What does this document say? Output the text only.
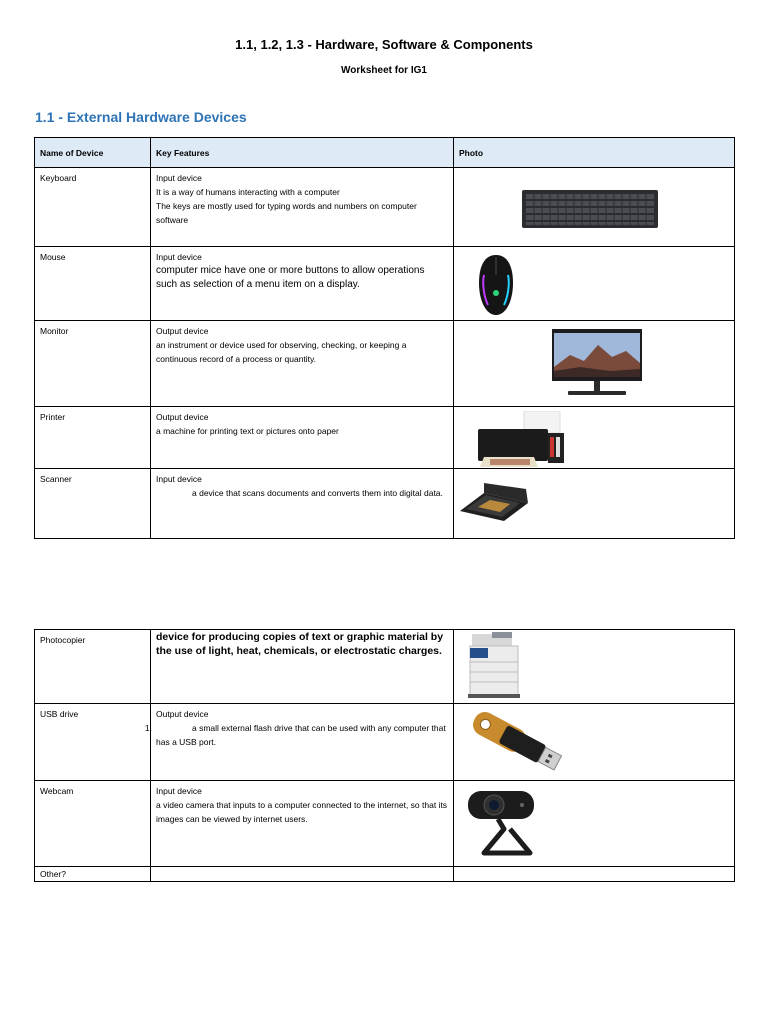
1.1, 1.2, 1.3 - Hardware, Software & Components
Worksheet for IG1
1.1 - External Hardware Devices
Name of Device	Key Features	Photo
Keyboard	Input device
It is a way of humans interacting with a computer
The keys are mostly used for typing words and numbers on computer software

Mouse	Input device
computer mice have one or more buttons to allow operations such as selection of a menu item on a display.

Monitor	Output device
an instrument or device used for observing, checking, or keeping a continuous record of a process or quantity.

Printer	Output device
a machine for printing text or pictures onto paper

Scanner	Input device
a device that scans documents and converts them into digital data.

Photocopier	device for producing copies of text or graphic material by the use of light, heat, chemicals, or electrostatic charges.

USB drive	Output device
1. a small external flash drive that can be used with any computer that has a USB port.

Webcam	Input device
a video camera that inputs to a computer connected to the internet, so that its images can be viewed by internet users.

Other?		
